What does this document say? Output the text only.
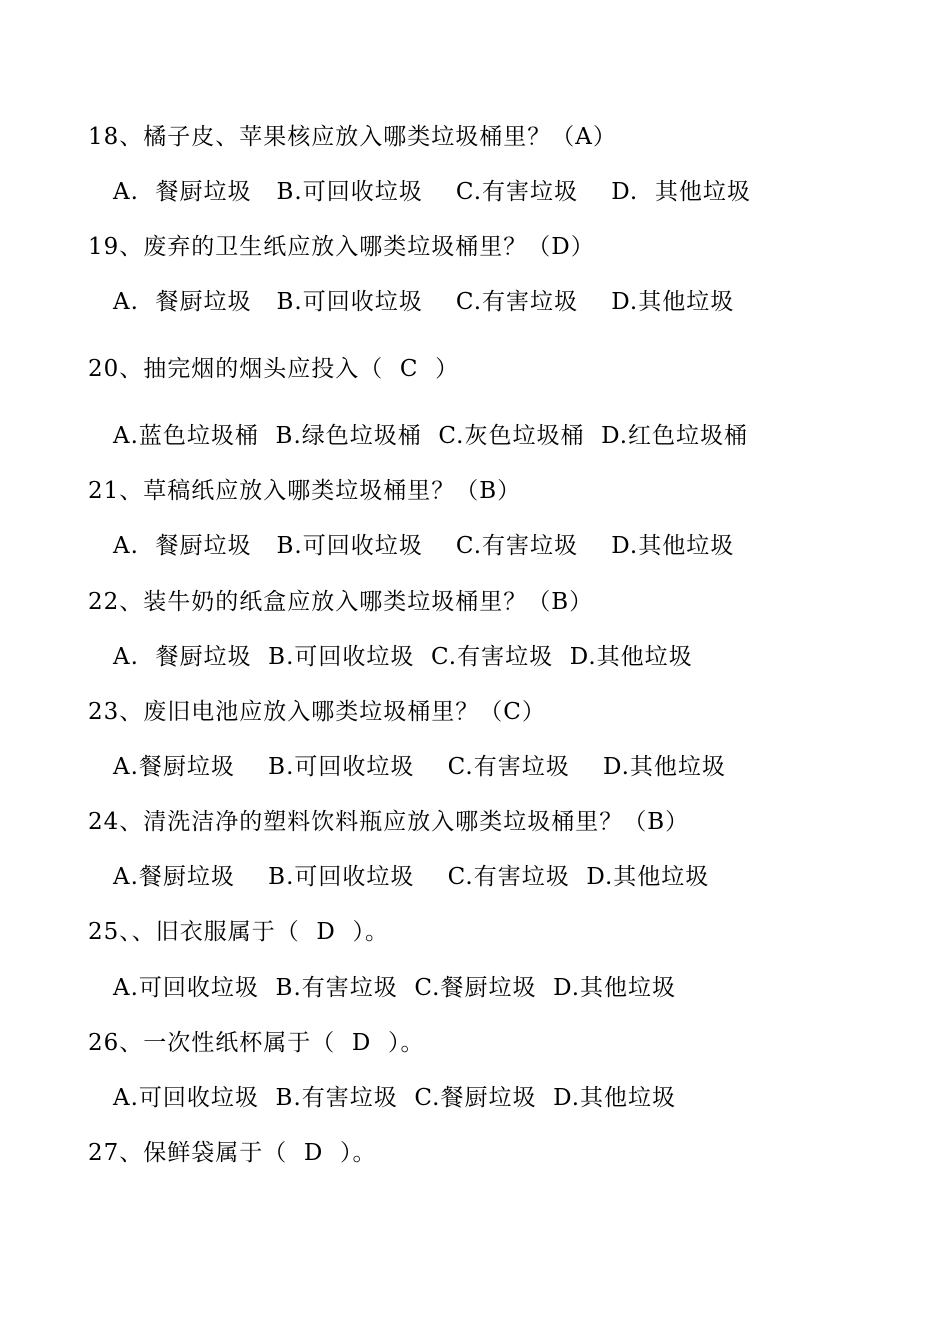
18、橘子皮、苹果核应放入哪类垃圾桶里？（A）
A.  餐厨垃圾   B.可回收垃圾    C.有害垃圾    D.  其他垃圾
19、废弃的卫生纸应放入哪类垃圾桶里？（D）
A.  餐厨垃圾   B.可回收垃圾    C.有害垃圾    D.其他垃圾
20、抽完烟的烟头应投入（  C  ）
A.蓝色垃圾桶  B.绿色垃圾桶  C.灰色垃圾桶  D.红色垃圾桶
21、草稿纸应放入哪类垃圾桶里？（B）
A.  餐厨垃圾   B.可回收垃圾    C.有害垃圾    D.其他垃圾
22、装牛奶的纸盒应放入哪类垃圾桶里？（B）
A.  餐厨垃圾  B.可回收垃圾  C.有害垃圾  D.其他垃圾
23、废旧电池应放入哪类垃圾桶里？（C）
A.餐厨垃圾    B.可回收垃圾    C.有害垃圾    D.其他垃圾
24、清洗洁净的塑料饮料瓶应放入哪类垃圾桶里？（B）
A.餐厨垃圾    B.可回收垃圾    C.有害垃圾  D.其他垃圾
25、、旧衣服属于（  D  ）。
A.可回收垃圾  B.有害垃圾  C.餐厨垃圾  D.其他垃圾
26、一次性纸杯属于（  D  ）。
A.可回收垃圾  B.有害垃圾  C.餐厨垃圾  D.其他垃圾
27、保鲜袋属于（  D  ）。
